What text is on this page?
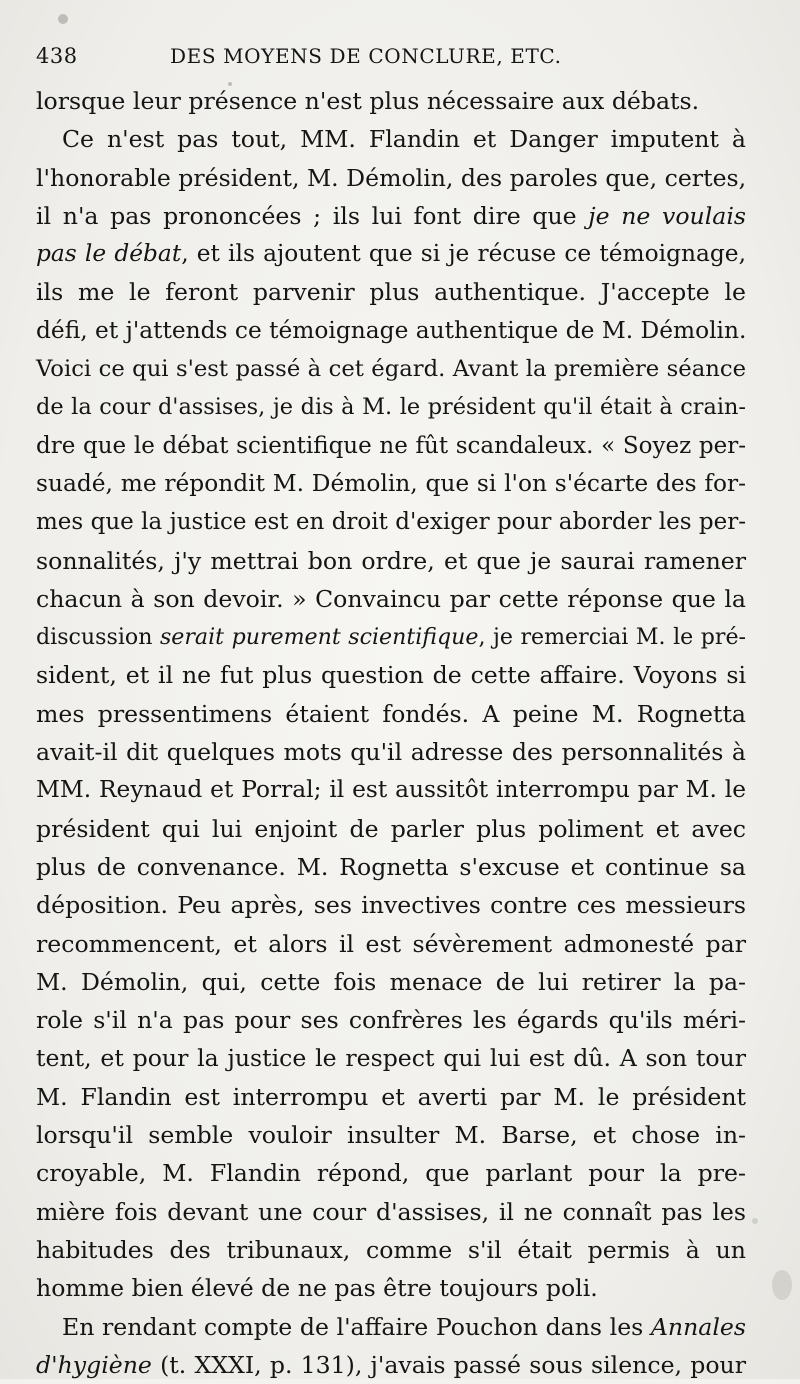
438	DES MOYENS DE CONCLURE, ETC.
lorsque leur présence n'est plus nécessaire aux débats.
Ce n'est pas tout, MM. Flandin et Danger imputent à
l'honorable président, M. Démolin, des paroles que, certes,
il n'a pas prononcées ; ils lui font dire que je ne voulais
pas le débat, et ils ajoutent que si je récuse ce témoignage,
ils me le feront parvenir plus authentique. J'accepte le
défi, et j'attends ce témoignage authentique de M. Démolin.
Voici ce qui s'est passé à cet égard. Avant la première séance
de la cour d'assises, je dis à M. le président qu'il était à crain-
dre que le débat scientifique ne fût scandaleux. « Soyez per-
suadé, me répondit M. Démolin, que si l'on s'écarte des for-
mes que la justice est en droit d'exiger pour aborder les per-
sonnalités, j'y mettrai bon ordre, et que je saurai ramener
chacun à son devoir. » Convaincu par cette réponse que la
discussion serait purement scientifique, je remerciai M. le pré-
sident, et il ne fut plus question de cette affaire. Voyons si
mes pressentimens étaient fondés. A peine M. Rognetta
avait-il dit quelques mots qu'il adresse des personnalités à
MM. Reynaud et Porral; il est aussitôt interrompu par M. le
président qui lui enjoint de parler plus poliment et avec
plus de convenance. M. Rognetta s'excuse et continue sa
déposition. Peu après, ses invectives contre ces messieurs
recommencent, et alors il est sévèrement admonesté par
M. Démolin, qui, cette fois menace de lui retirer la pa-
role s'il n'a pas pour ses confrères les égards qu'ils méri-
tent, et pour la justice le respect qui lui est dû. A son tour
M. Flandin est interrompu et averti par M. le président
lorsqu'il semble vouloir insulter M. Barse, et chose in-
croyable, M. Flandin répond, que parlant pour la pre-
mière fois devant une cour d'assises, il ne connaît pas les
habitudes des tribunaux, comme s'il était permis à un
homme bien élevé de ne pas être toujours poli.
En rendant compte de l'affaire Pouchon dans les Annales
d'hygiène (t. XXXI, p. 131), j'avais passé sous silence, pour
